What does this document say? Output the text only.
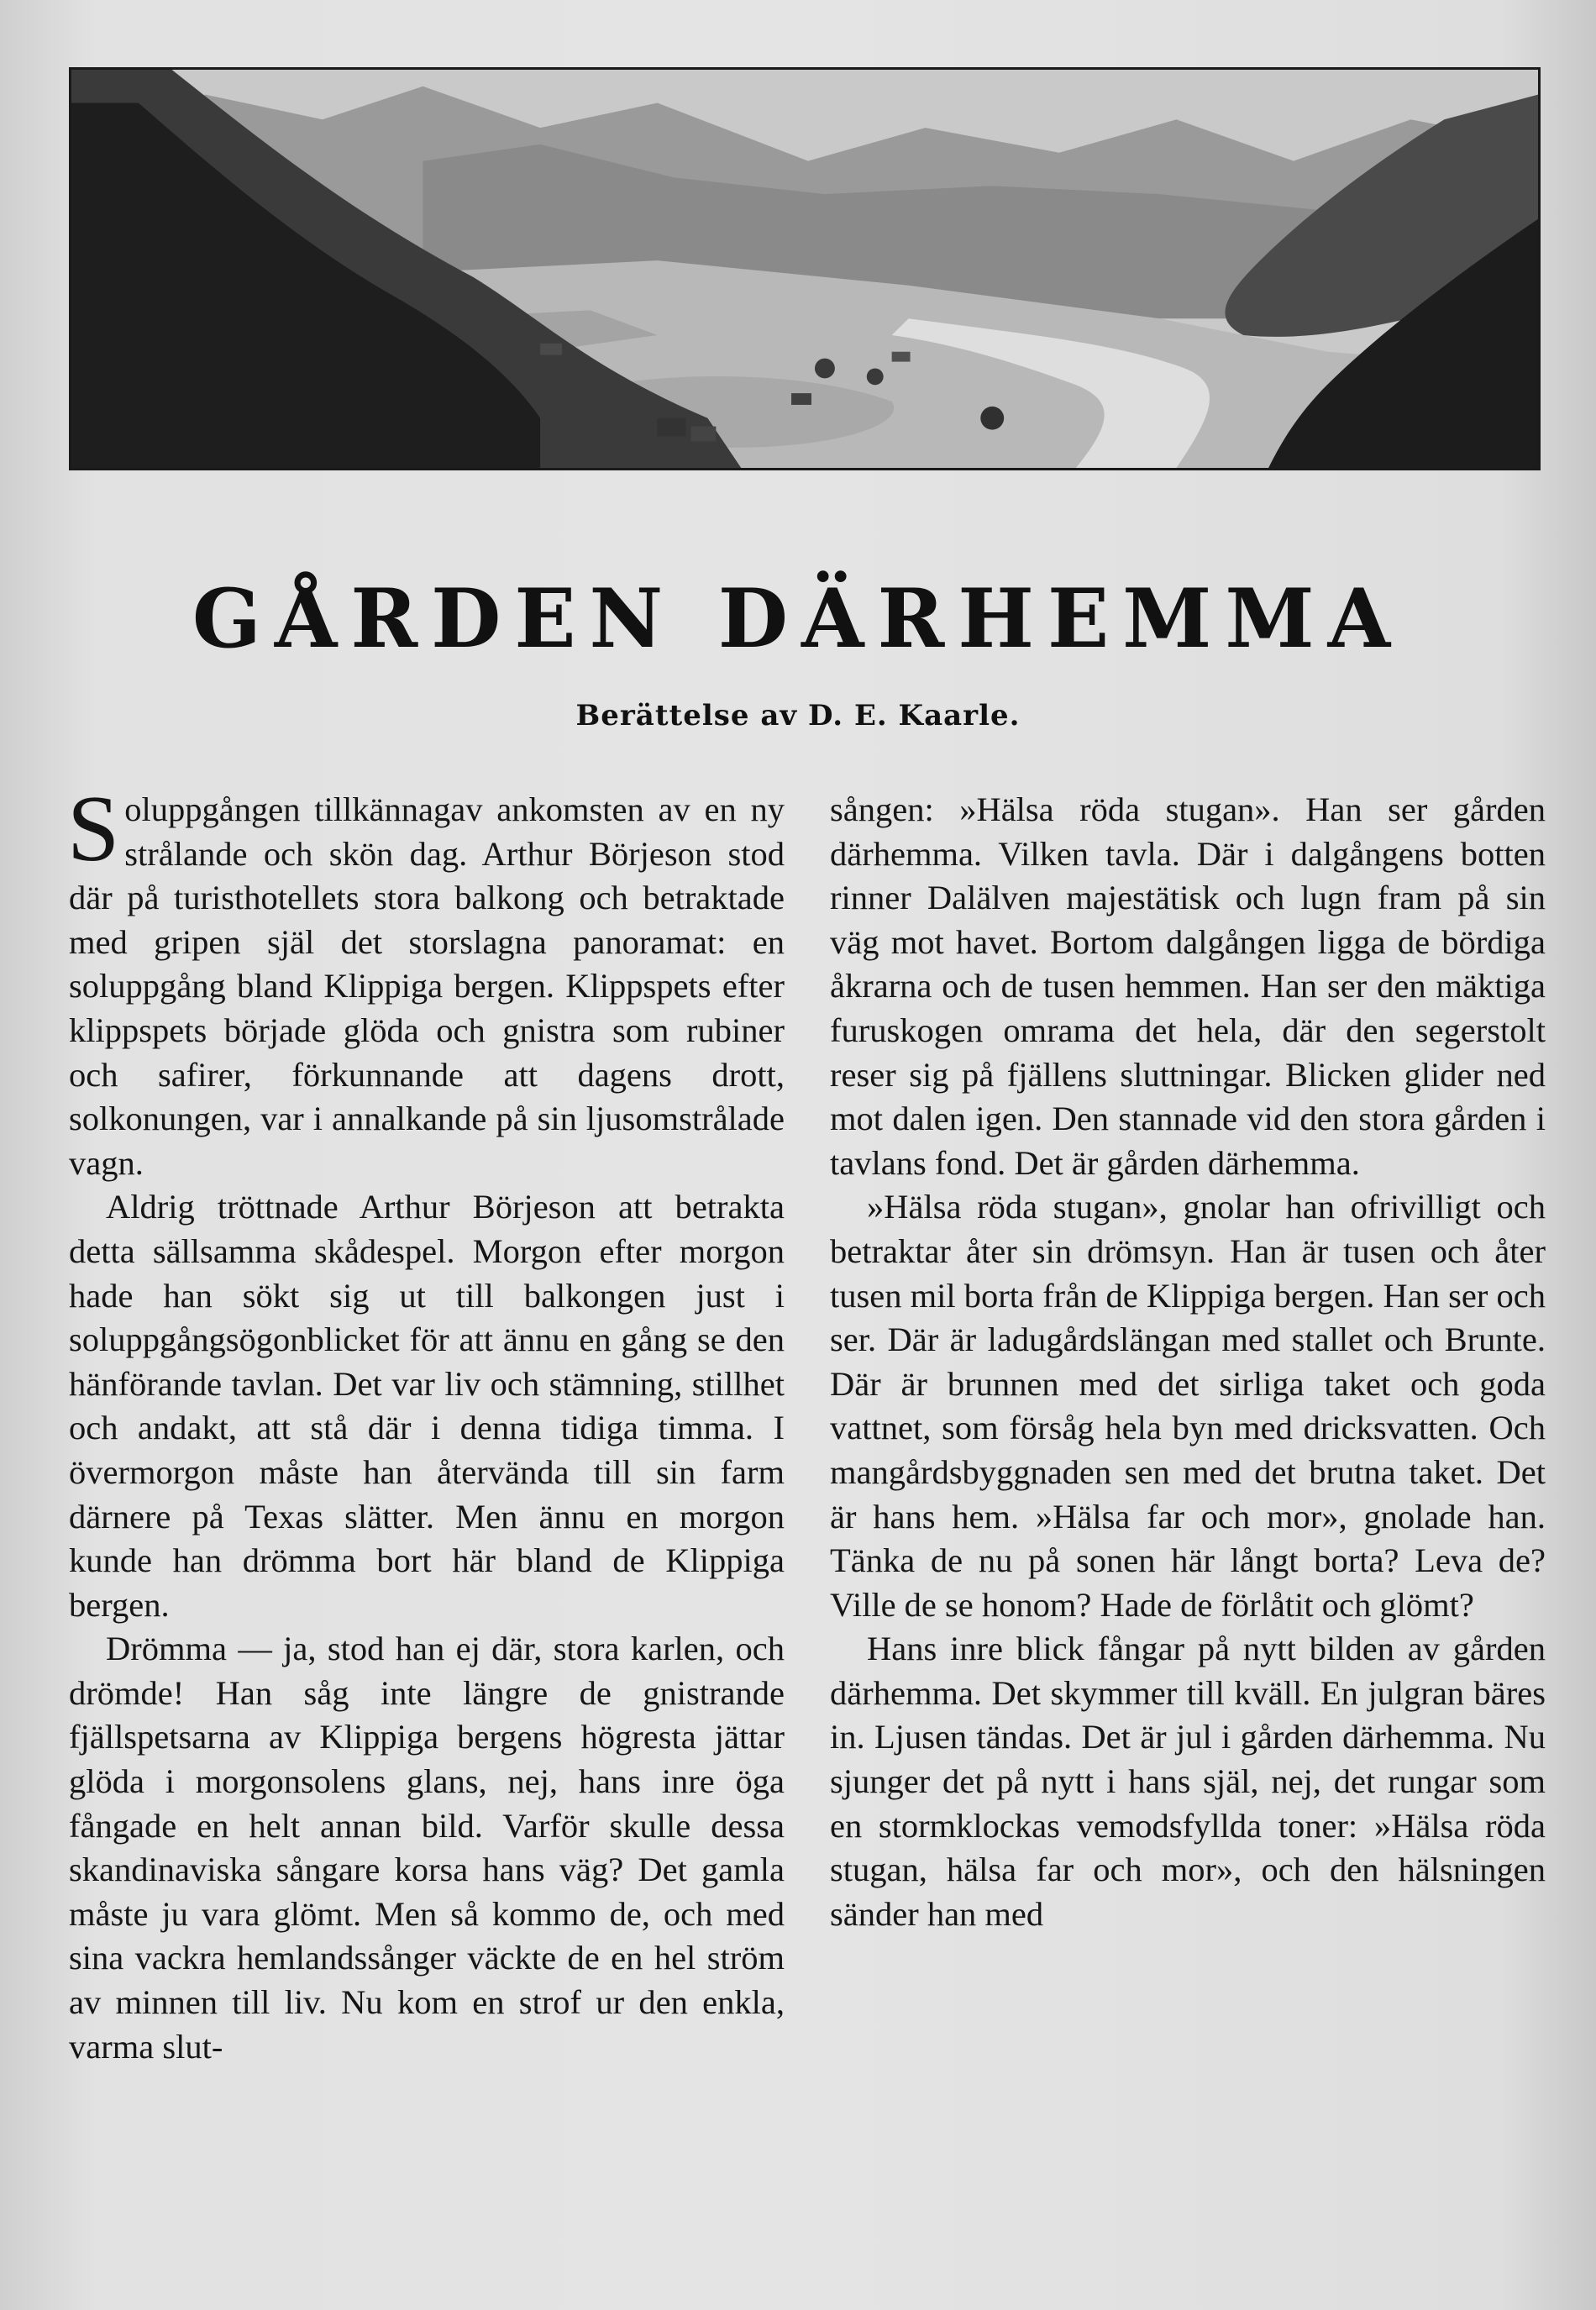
GÅRDEN DÄRHEMMA
Berättelse av D. E. Kaarle.

Soluppgången tillkännagav ankomsten av en ny strålande och skön dag. Arthur Börjeson stod där på turisthotellets stora balkong och betraktade med gripen själ det storslagna panoramat: en soluppgång bland Klippiga bergen. Klippspets efter klippspets började glöda och gnistra som rubiner och safirer, förkunnande att dagens drott, solkonungen, var i annalkande på sin ljusomstrålade vagn.

Aldrig tröttnade Arthur Börjeson att betrakta detta sällsamma skådespel. Morgon efter morgon hade han sökt sig ut till balkongen just i soluppgångsögonblicket för att ännu en gång se den hänförande tavlan. Det var liv och stämning, stillhet och andakt, att stå där i denna tidiga timma. I övermorgon måste han återvända till sin farm därnere på Texas slätter. Men ännu en morgon kunde han drömma bort här bland de Klippiga bergen.

Drömma — ja, stod han ej där, stora karlen, och drömde! Han såg inte längre de gnistrande fjällspetsarna av Klippiga bergens högresta jättar glöda i morgonsolens glans, nej, hans inre öga fångade en helt annan bild. Varför skulle dessa skandinaviska sångare korsa hans väg? Det gamla måste ju vara glömt. Men så kommo de, och med sina vackra hemlandssånger väckte de en hel ström av minnen till liv. Nu kom en strof ur den enkla, varma slut-

sången: »Hälsa röda stugan». Han ser gården därhemma. Vilken tavla. Där i dalgångens botten rinner Dalälven majestätisk och lugn fram på sin väg mot havet. Bortom dalgången ligga de bördiga åkrarna och de tusen hemmen. Han ser den mäktiga furuskogen omrama det hela, där den segerstolt reser sig på fjällens sluttningar. Blicken glider ned mot dalen igen. Den stannade vid den stora gården i tavlans fond. Det är gården därhemma.

»Hälsa röda stugan», gnolar han ofrivilligt och betraktar åter sin drömsyn. Han är tusen och åter tusen mil borta från de Klippiga bergen. Han ser och ser. Där är ladugårdslängan med stallet och Brunte. Där är brunnen med det sirliga taket och goda vattnet, som försåg hela byn med dricksvatten. Och mangårdsbyggnaden sen med det brutna taket. Det är hans hem. »Hälsa far och mor», gnolade han. Tänka de nu på sonen här långt borta? Leva de? Ville de se honom? Hade de förlåtit och glömt?

Hans inre blick fångar på nytt bilden av gården därhemma. Det skymmer till kväll. En julgran bäres in. Ljusen tändas. Det är jul i gården därhemma. Nu sjunger det på nytt i hans själ, nej, det rungar som en stormklockas vemodsfyllda toner: »Hälsa röda stugan, hälsa far och mor», och den hälsningen sänder han med
